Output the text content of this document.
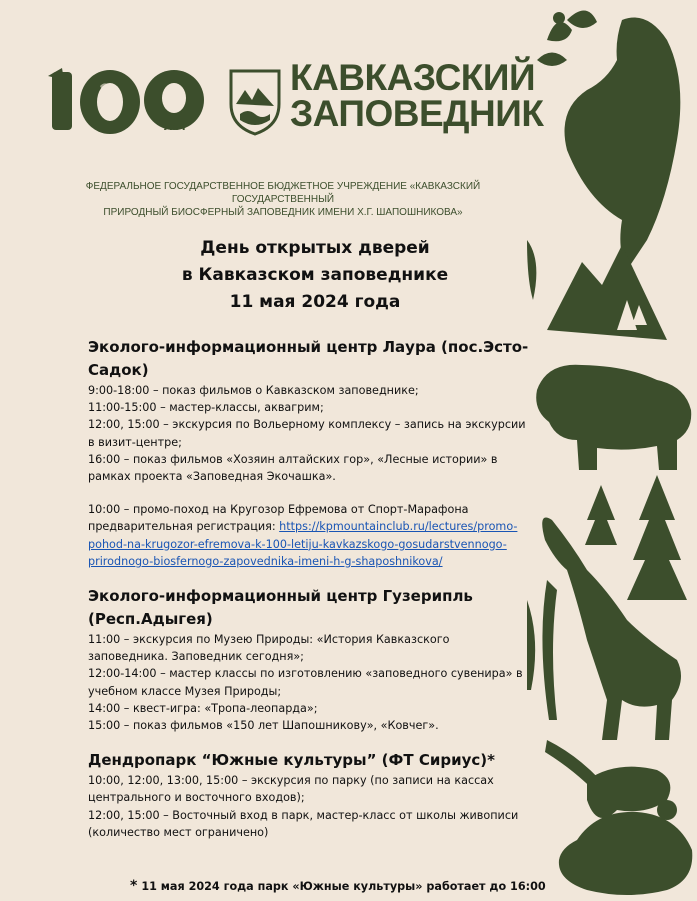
лет
КАВКАЗСКИЙ
ЗАПОВЕДНИК
ФЕДЕРАЛЬНОЕ ГОСУДАРСТВЕННОЕ БЮДЖЕТНОЕ УЧРЕЖДЕНИЕ «КАВКАЗСКИЙ ГОСУДАРСТВЕННЫЙ
ПРИРОДНЫЙ БИОСФЕРНЫЙ ЗАПОВЕДНИК ИМЕНИ Х.Г. ШАПОШНИКОВА»
День открытых дверей
в Кавказском заповеднике
11 мая 2024 года
Эколого-информационный центр Лаура (пос.Эсто-
Садок)
9:00-18:00 – показ фильмов о Кавказском заповеднике;
11:00-15:00 – мастер-классы, аквагрим;
12:00, 15:00 – экскурсия по Вольерному комплексу – запись на экскурсии
в визит-центре;
16:00 – показ фильмов «Хозяин алтайских гор», «Лесные истории» в
рамках проекта «Заповедная Экочашка».
10:00 – промо-поход на Кругозор Ефремова от Спорт-Марафона
предварительная регистрация: https://kpmountainclub.ru/lectures/promo-
pohod-na-krugozor-efremova-k-100-letiju-kavkazskogo-gosudarstvennogo-
prirodnogo-biosfernogo-zapovednika-imeni-h-g-shaposhnikova/
Эколого-информационный центр Гузерипль
(Респ.Адыгея)
11:00 – экскурсия по Музею Природы: «История Кавказского
заповедника. Заповедник сегодня»;
12:00-14:00 – мастер классы по изготовлению «заповедного сувенира» в
учебном классе Музея Природы;
14:00 – квест-игра: «Тропа-леопарда»;
15:00 – показ фильмов «150 лет Шапошникову», «Ковчег».
Дендропарк “Южные культуры” (ФТ Сириус)*
10:00, 12:00, 13:00, 15:00 – экскурсия по парку (по записи на кассах
центрального и восточного входов);
12:00, 15:00 – Восточный вход в парк, мастер-класс от школы живописи
(количество мест ограничено)
* 11 мая 2024 года парк «Южные культуры» работает до 16:00
